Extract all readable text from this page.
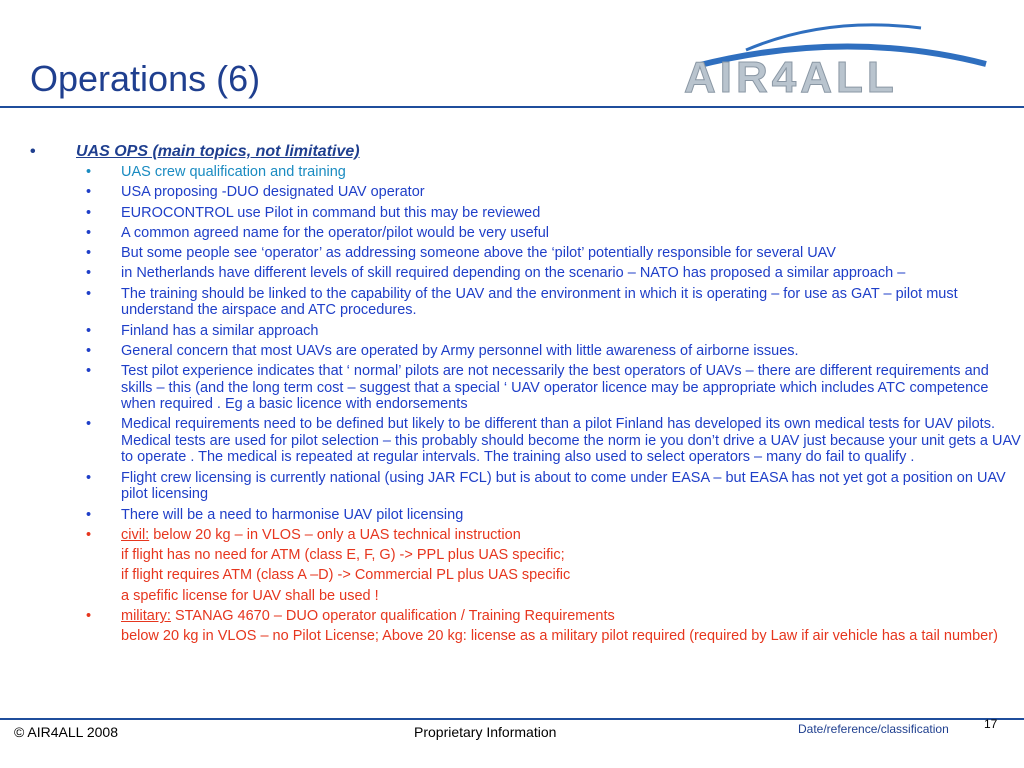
Operations (6)	AIR4ALL
•	UAS OPS (main topics, not limitative)
• UAS crew qualification and training
• USA proposing -DUO designated UAV operator
• EUROCONTROL use Pilot in command but this may be reviewed
• A common agreed name for the operator/pilot would be very useful
• But some people see ‘operator’ as addressing someone above the ‘pilot’ potentially responsible for several UAV
• in Netherlands have different levels of skill required depending on the scenario – NATO has proposed a similar approach –
• The training should be linked to the capability of the UAV and the environment in which it is operating – for use as GAT – pilot must understand the airspace and ATC procedures.
• Finland has a similar approach
• General concern that most UAVs are operated by Army personnel with little awareness of airborne issues.
• Test pilot experience indicates that ‘ normal’ pilots are not necessarily the best operators of UAVs – there are different requirements and skills – this (and the long term cost – suggest that a special ‘ UAV operator licence may be appropriate which includes ATC competence when required . Eg a basic licence with endorsements
• Medical requirements need to be defined but likely to be different than a pilot Finland has developed its own medical tests for UAV pilots. Medical tests are used for pilot selection – this probably should become the norm ie you don’t drive a UAV just because your unit gets a UAV to operate . The medical is repeated at regular intervals. The training also used to select operators – many do fail to qualify .
• Flight crew licensing is currently national (using JAR FCL) but is about to come under EASA – but EASA has not yet got a position on UAV pilot licensing
• There will be a need to harmonise UAV pilot licensing
• civil: below 20 kg – in VLOS – only a UAS technical instruction
if flight has no need for ATM (class E, F, G) -> PPL plus UAS specific;
if flight requires ATM (class A –D) -> Commercial PL plus UAS specific
a spefific license for UAV shall be used !
• military: STANAG 4670 – DUO operator qualification / Training Requirements
below 20 kg in VLOS – no Pilot License; Above 20 kg: license as a military pilot required (required by Law if air vehicle has a tail number)
© AIR4ALL 2008	Proprietary Information	Date/reference/classification	17
